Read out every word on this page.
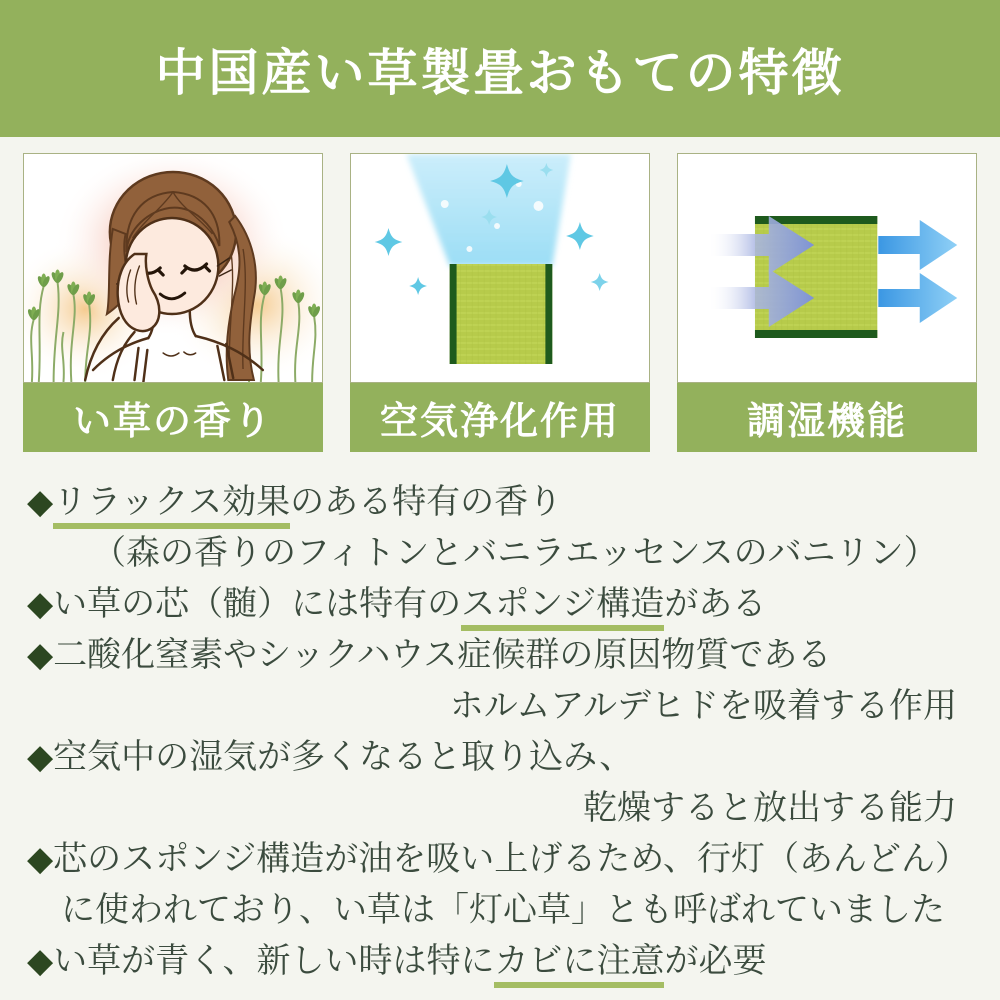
中国産い草製畳おもての特徴
い草の香り	空気浄化作用	調湿機能
◆リラックス効果のある特有の香り
（森の香りのフィトンとバニラエッセンスのバニリン）
◆い草の芯（髄）には特有のスポンジ構造がある
◆二酸化窒素やシックハウス症候群の原因物質である
ホルムアルデヒドを吸着する作用
◆空気中の湿気が多くなると取り込み、
乾燥すると放出する能力
◆芯のスポンジ構造が油を吸い上げるため、行灯（あんどん）
に使われており、い草は「灯心草」とも呼ばれていました
◆い草が青く、新しい時は特にカビに注意が必要
